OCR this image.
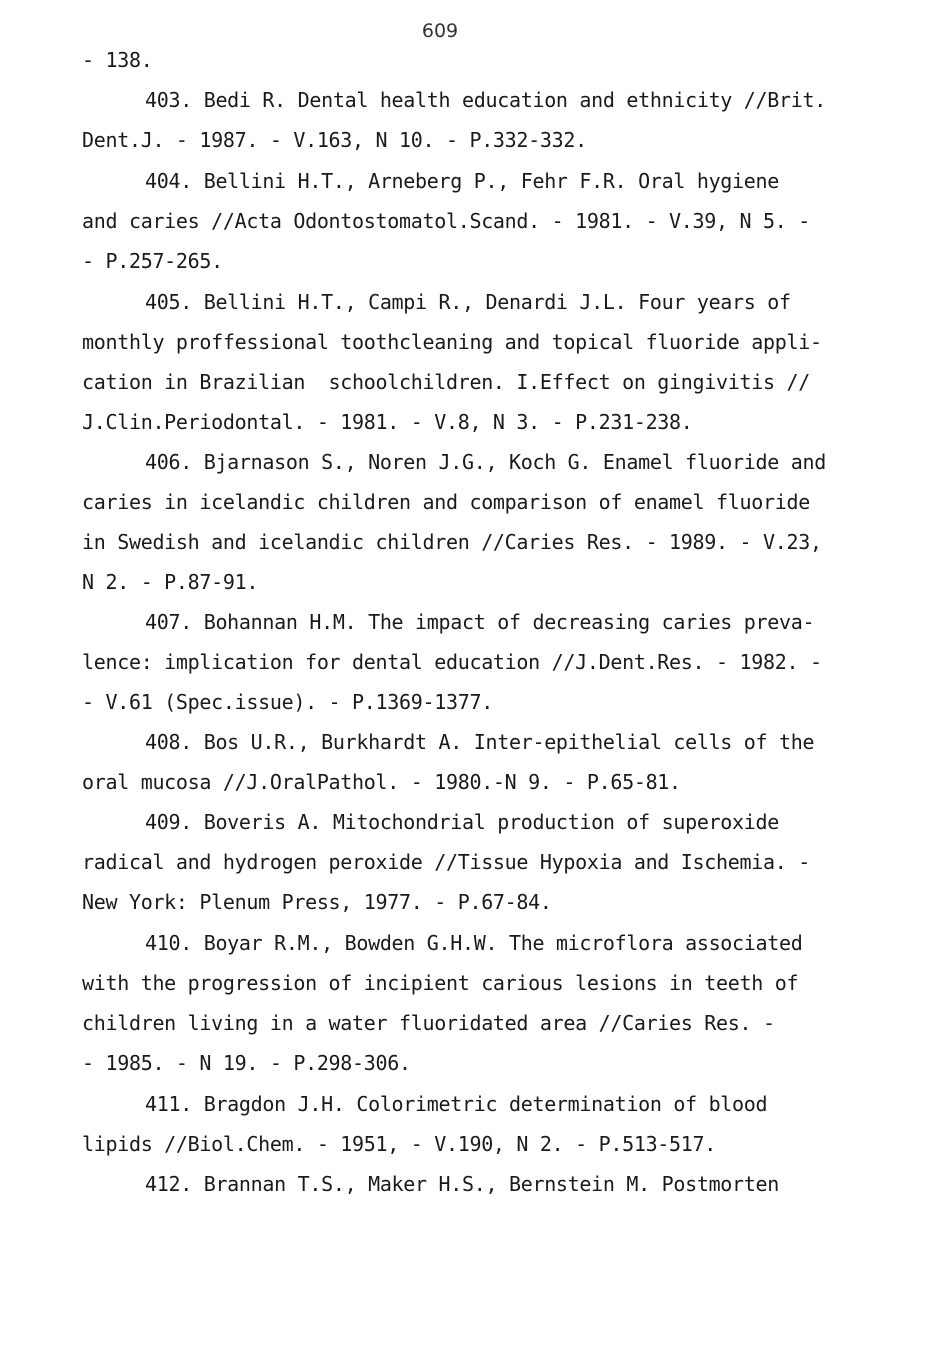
609
- 138.
403. Bedi R. Dental health education and ethnicity //Brit.
Dent.J. - 1987. - V.163, N 10. - P.332-332.
404. Bellini H.T., Arneberg P., Fehr F.R. Oral hygiene
and caries //Acta Odontostomatol.Scand. - 1981. - V.39, N 5. -
- P.257-265.
405. Bellini H.T., Campi R., Denardi J.L. Four years of
monthly proffessional toothcleaning and topical fluoride appli-
cation in Brazilian  schoolchildren. I.Effect on gingivitis //
J.Clin.Periodontal. - 1981. - V.8, N 3. - P.231-238.
406. Bjarnason S., Noren J.G., Koch G. Enamel fluoride and
caries in icelandic children and comparison of enamel fluoride
in Swedish and icelandic children //Caries Res. - 1989. - V.23,
N 2. - P.87-91.
407. Bohannan H.M. The impact of decreasing caries preva-
lence: implication for dental education //J.Dent.Res. - 1982. -
- V.61 (Spec.issue). - P.1369-1377.
408. Bos U.R., Burkhardt A. Inter-epithelial cells of the
oral mucosa //J.OralPathol. - 1980.-N 9. - P.65-81.
409. Boveris A. Mitochondrial production of superoxide
radical and hydrogen peroxide //Tissue Hypoxia and Ischemia. -
New York: Plenum Press, 1977. - P.67-84.
410. Boyar R.M., Bowden G.H.W. The microflora associated
with the progression of incipient carious lesions in teeth of
children living in a water fluoridated area //Caries Res. -
- 1985. - N 19. - P.298-306.
411. Bragdon J.H. Colorimetric determination of blood
lipids //Biol.Chem. - 1951, - V.190, N 2. - P.513-517.
412. Brannan T.S., Maker H.S., Bernstein M. Postmorten
